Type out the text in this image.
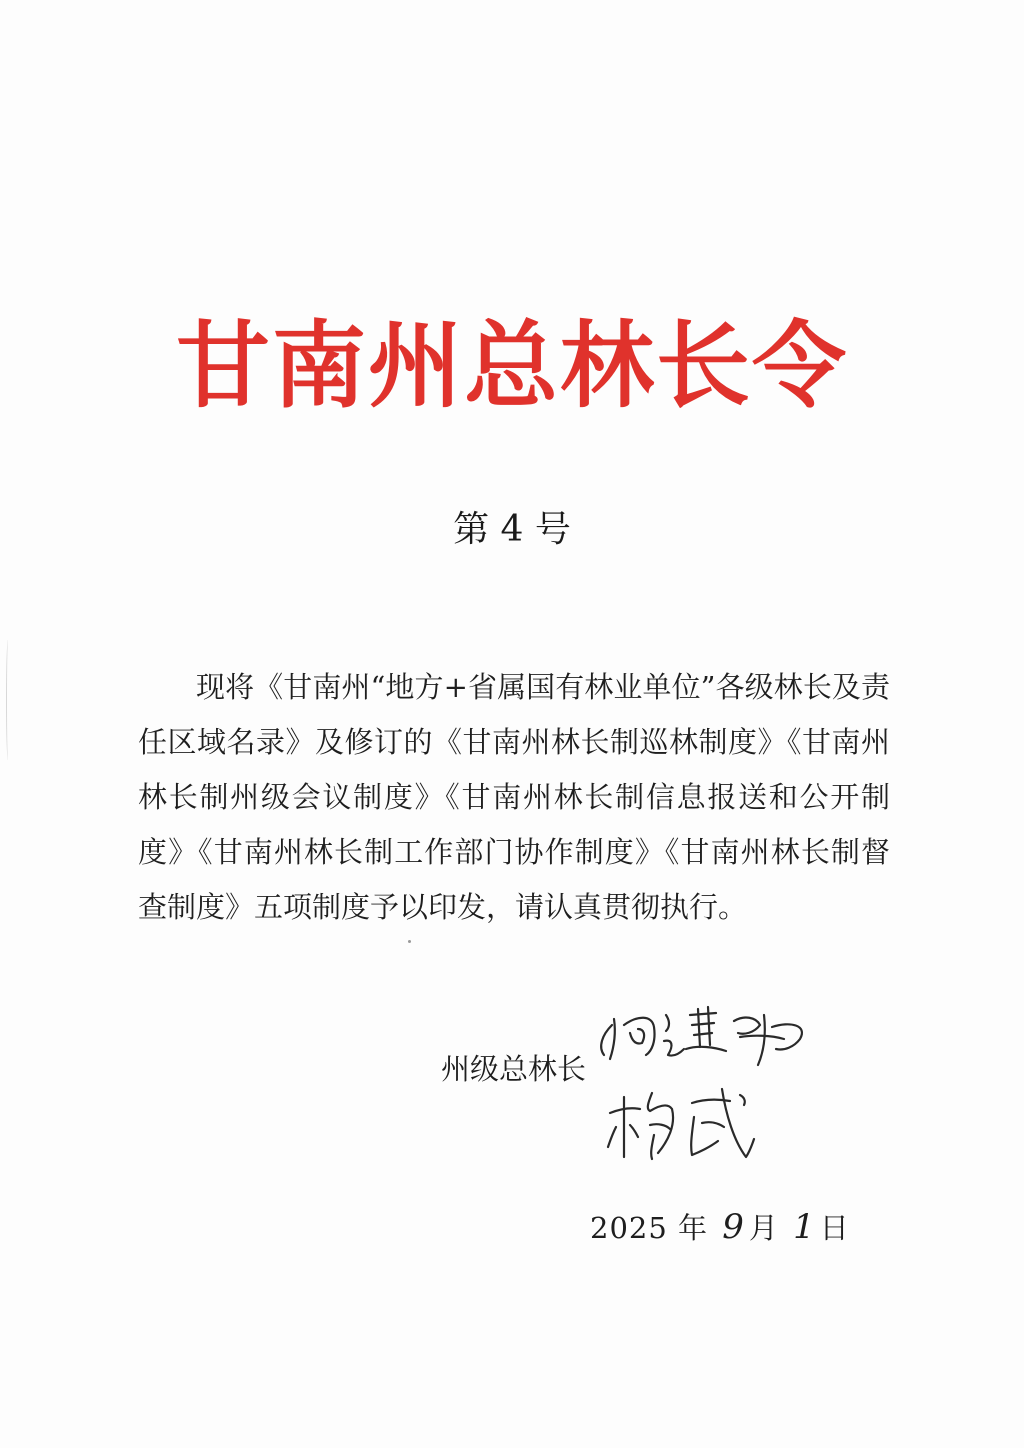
甘南州总林长令
第 4 号

现将《甘南州“地方+省属国有林业单位”各级林长及责任区域名录》及修订的《甘南州林长制巡林制度》《甘南州林长制州级会议制度》《甘南州林长制信息报送和公开制度》《甘南州林长制工作部门协作制度》《甘南州林长制督查制度》五项制度予以印发，请认真贯彻执行。

州级总林长
2025 年 9 月 1 日
